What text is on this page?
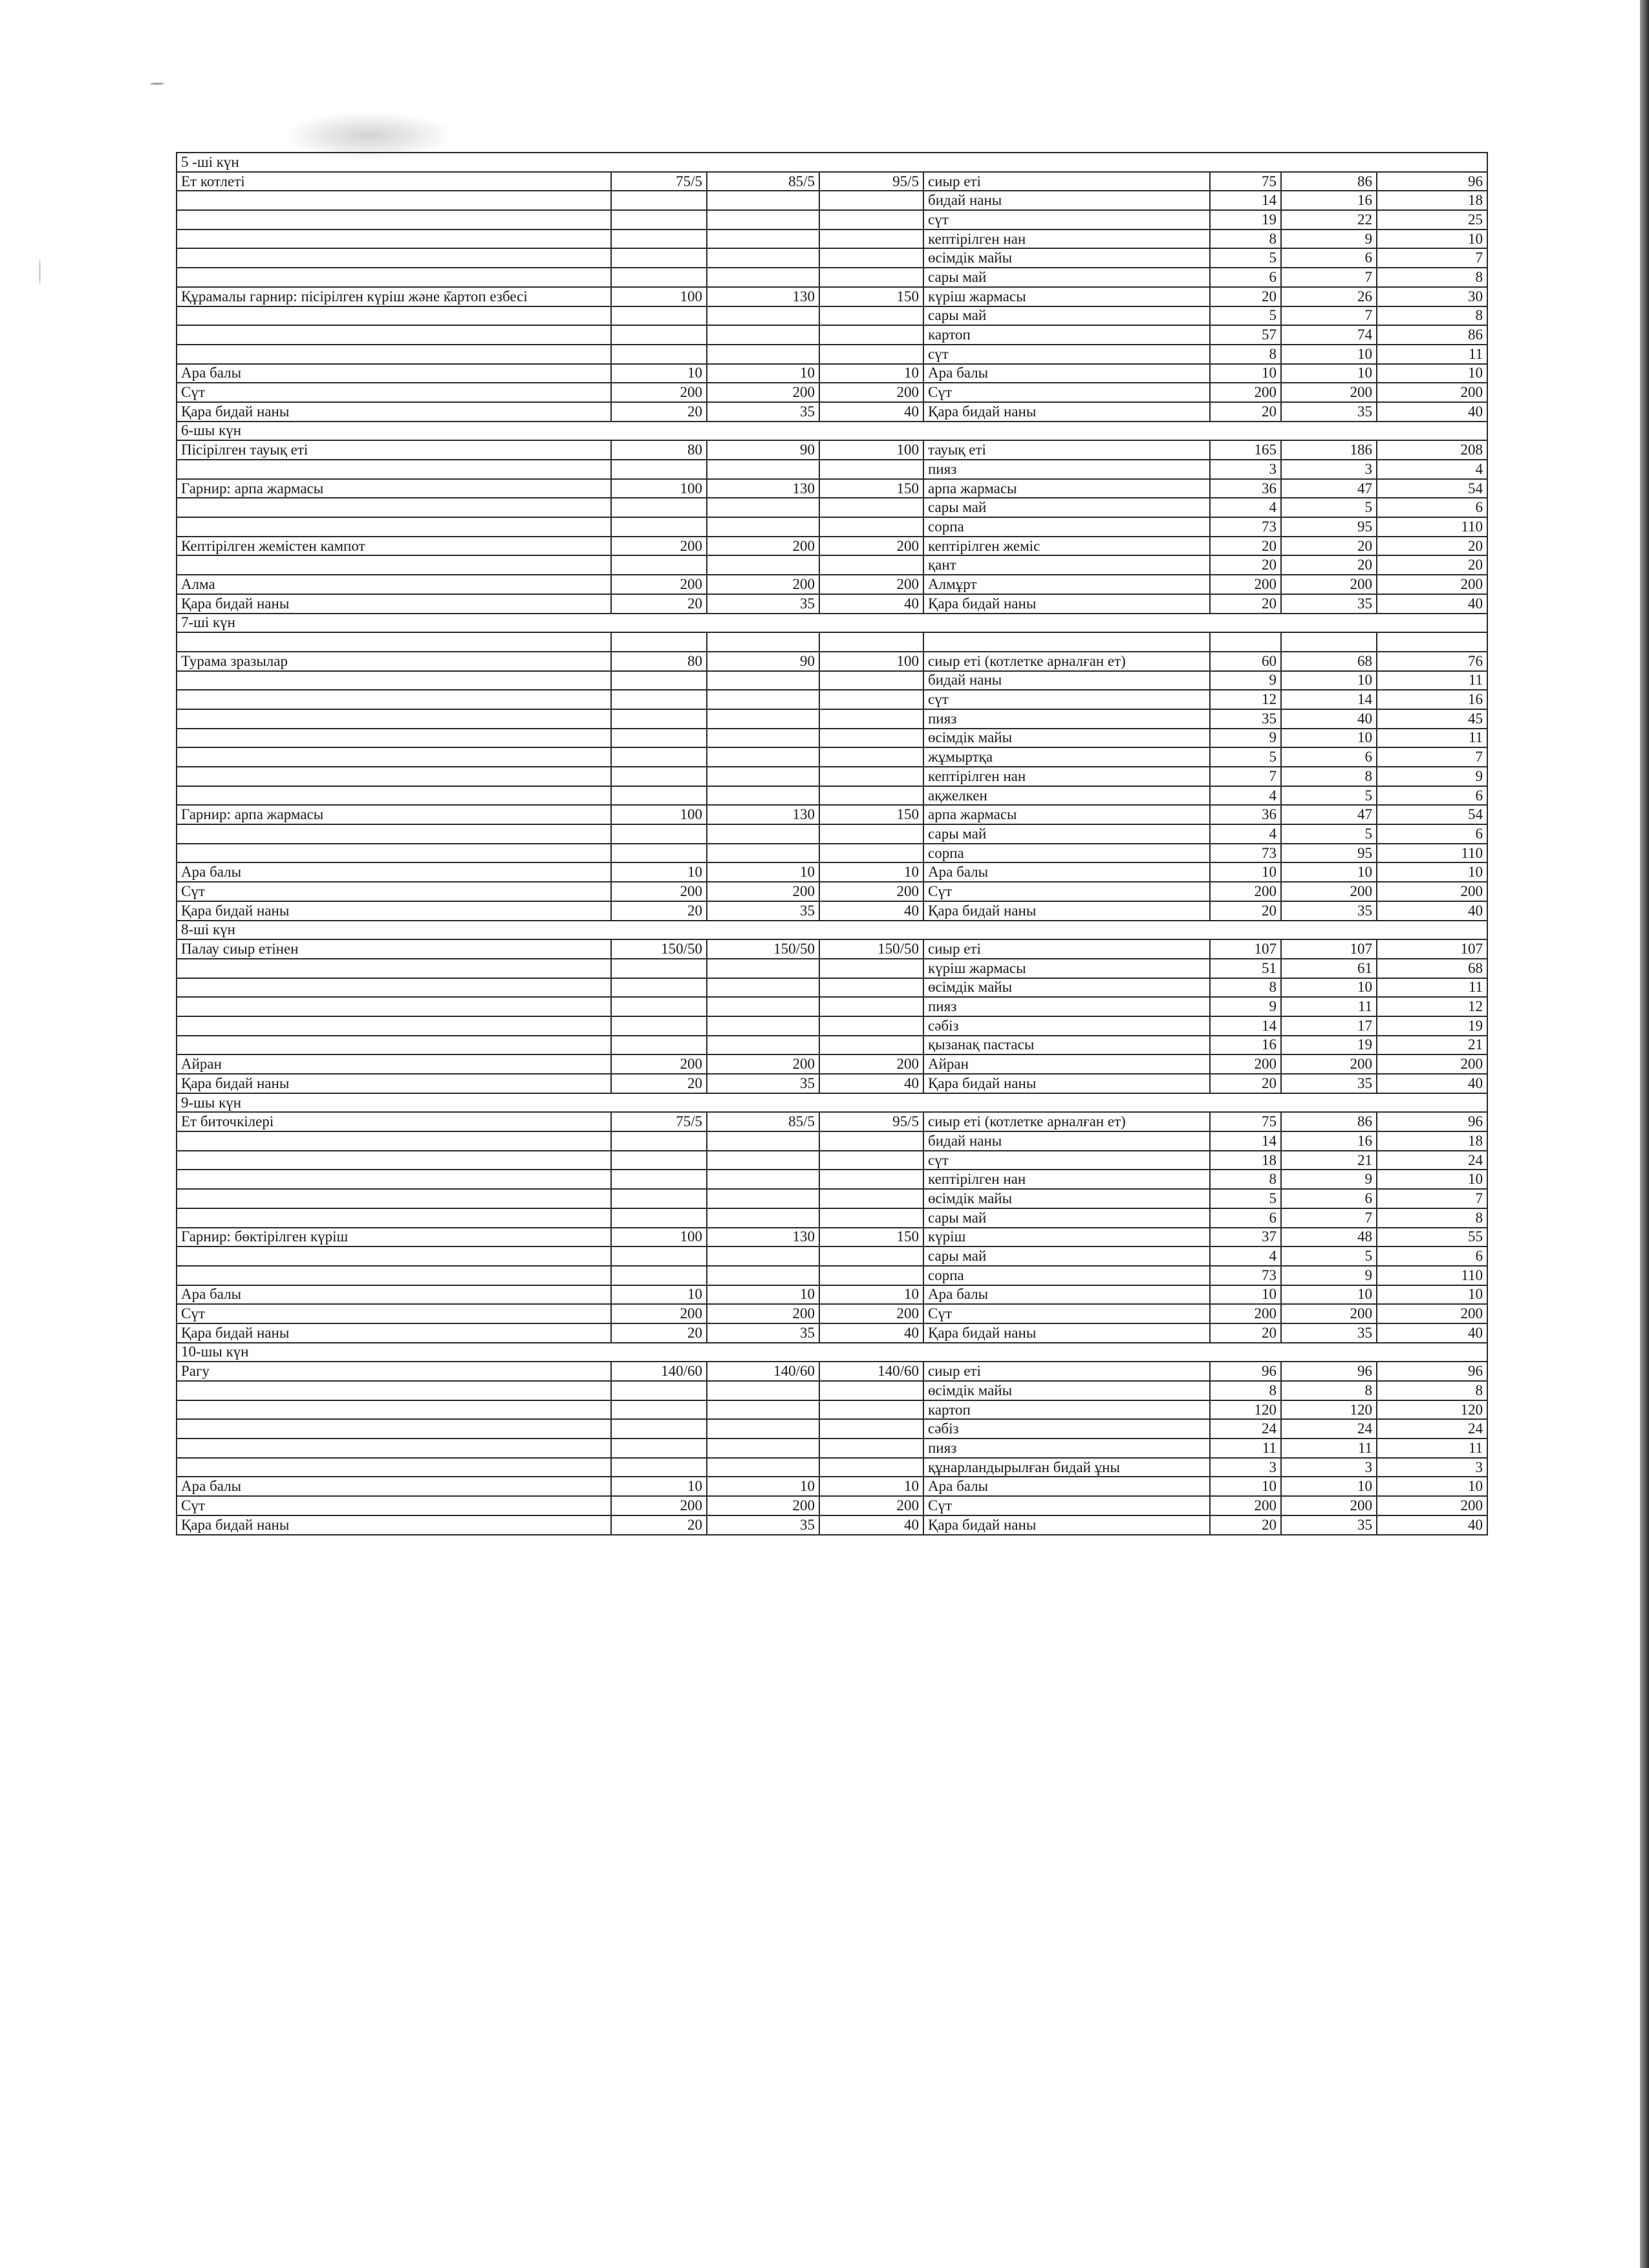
5 -ші күн							
Ет котлеті	75/5	85/5	95/5	сиыр еті	75	86	96
				бидай наны	14	16	18
				сүт	19	22	25
				кептірілген нан	8	9	10
				өсімдік майы	5	6	7
				сары май	6	7	8
Құрамалы гарнир: пісірілген күріш және картоп езбесі	100	130	150	күріш жармасы	20	26	30
				сары май	5	7	8
				картоп	57	74	86
				сүт	8	10	11
Ара балы	10	10	10	Ара балы	10	10	10
Сүт	200	200	200	Сүт	200	200	200
Қара бидай наны	20	35	40	Қара бидай наны	20	35	40
6-шы күн							
Пісірілген тауық еті	80	90	100	тауық еті	165	186	208
				пияз	3	3	4
Гарнир: арпа жармасы	100	130	150	арпа жармасы	36	47	54
				сары май	4	5	6
				сорпа	73	95	110
Кептірілген жемістен кампот	200	200	200	кептірілген жеміс	20	20	20
				қант	20	20	20
Алма	200	200	200	Алмұрт	200	200	200
Қара бидай наны	20	35	40	Қара бидай наны	20	35	40
7-ші күн							

Турама зразылар	80	90	100	сиыр еті (котлетке арналған ет)	60	68	76
				бидай наны	9	10	11
				сүт	12	14	16
				пияз	35	40	45
				өсімдік майы	9	10	11
				жұмыртқа	5	6	7
				кептірілген нан	7	8	9
				ақжелкен	4	5	6
Гарнир: арпа жармасы	100	130	150	арпа жармасы	36	47	54
				сары май	4	5	6
				сорпа	73	95	110
Ара балы	10	10	10	Ара балы	10	10	10
Сүт	200	200	200	Сүт	200	200	200
Қара бидай наны	20	35	40	Қара бидай наны	20	35	40
8-ші күн							
Палау сиыр етінен	150/50	150/50	150/50	сиыр еті	107	107	107
				күріш жармасы	51	61	68
				өсімдік майы	8	10	11
				пияз	9	11	12
				сәбіз	14	17	19
				қызанақ пастасы	16	19	21
Айран	200	200	200	Айран	200	200	200
Қара бидай наны	20	35	40	Қара бидай наны	20	35	40
9-шы күн							
Ет биточкілері	75/5	85/5	95/5	сиыр еті (котлетке арналған ет)	75	86	96
				бидай наны	14	16	18
				сүт	18	21	24
				кептірілген нан	8	9	10
				өсімдік майы	5	6	7
				сары май	6	7	8
Гарнир: бөктірілген күріш	100	130	150	күріш	37	48	55
				сары май	4	5	6
				сорпа	73	9	110
Ара балы	10	10	10	Ара балы	10	10	10
Сүт	200	200	200	Сүт	200	200	200
Қара бидай наны	20	35	40	Қара бидай наны	20	35	40
10-шы күн							
Рагу	140/60	140/60	140/60	сиыр еті	96	96	96
				өсімдік майы	8	8	8
				картоп	120	120	120
				сәбіз	24	24	24
				пияз	11	11	11
				құнарландырылған бидай ұны	3	3	3
Ара балы	10	10	10	Ара балы	10	10	10
Сүт	200	200	200	Сүт	200	200	200
Қара бидай наны	20	35	40	Қара бидай наны	20	35	40
